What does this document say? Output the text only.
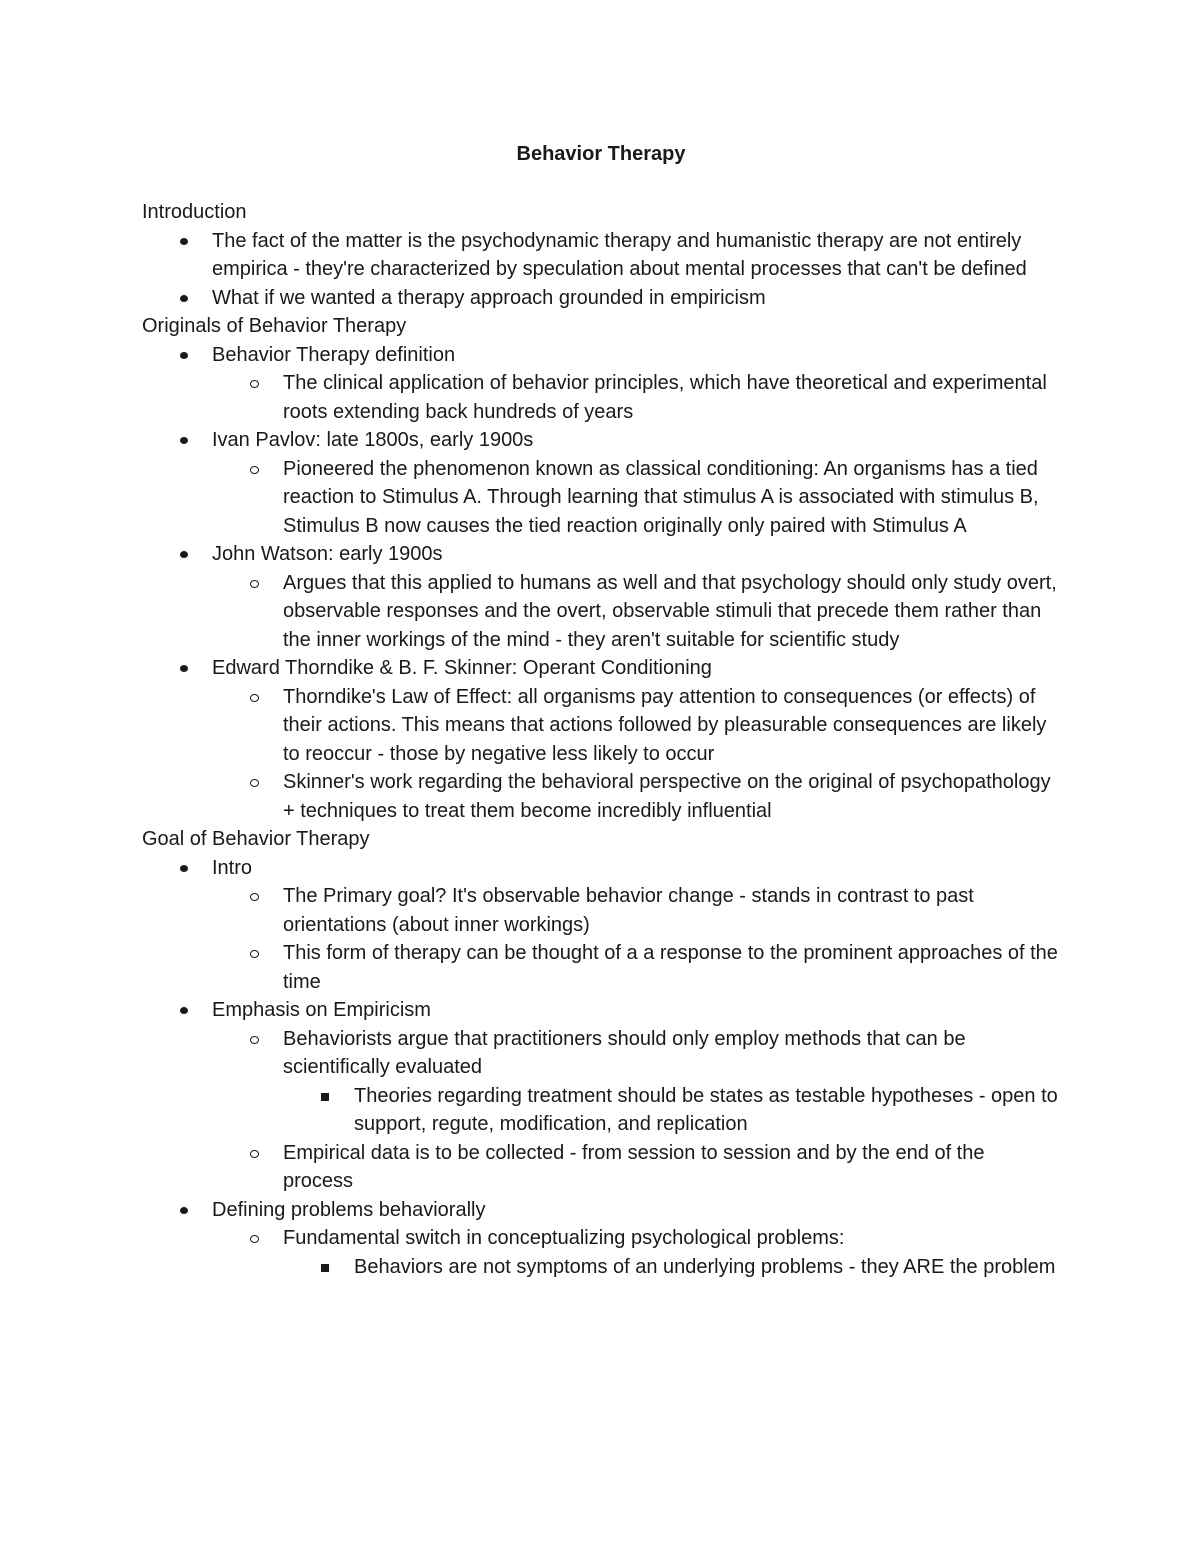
Behavior Therapy
Introduction
The fact of the matter is the psychodynamic therapy and humanistic therapy are not entirely empirica - they're characterized by speculation about mental processes that can't be defined
What if we wanted a therapy approach grounded in empiricism
Originals of Behavior Therapy
Behavior Therapy definition
The clinical application of behavior principles, which have theoretical and experimental roots extending back hundreds of years
Ivan Pavlov: late 1800s, early 1900s
Pioneered the phenomenon known as classical conditioning: An organisms has a tied reaction to Stimulus A. Through learning that stimulus A is associated with stimulus B, Stimulus B now causes the tied reaction originally only paired with Stimulus A
John Watson: early 1900s
Argues that this applied to humans as well and that psychology should only study overt, observable responses and the overt, observable stimuli that precede them rather than the inner workings of the mind - they aren't suitable for scientific study
Edward Thorndike & B. F. Skinner: Operant Conditioning
Thorndike's Law of Effect: all organisms pay attention to consequences (or effects) of their actions. This means that actions followed by pleasurable consequences are likely to reoccur - those by negative less likely to occur
Skinner's work regarding the behavioral perspective on the original of psychopathology + techniques to treat them become incredibly influential
Goal of Behavior Therapy
Intro
The Primary goal? It's observable behavior change - stands in contrast to past orientations (about inner workings)
This form of therapy can be thought of a a response to the prominent approaches of the time
Emphasis on Empiricism
Behaviorists argue that practitioners should only employ methods that can be scientifically evaluated
Theories regarding treatment should be states as testable hypotheses - open to support, regute, modification, and replication
Empirical data is to be collected - from session to session and by the end of the process
Defining problems behaviorally
Fundamental switch in conceptualizing psychological problems:
Behaviors are not symptoms of an underlying problems - they ARE the problem
